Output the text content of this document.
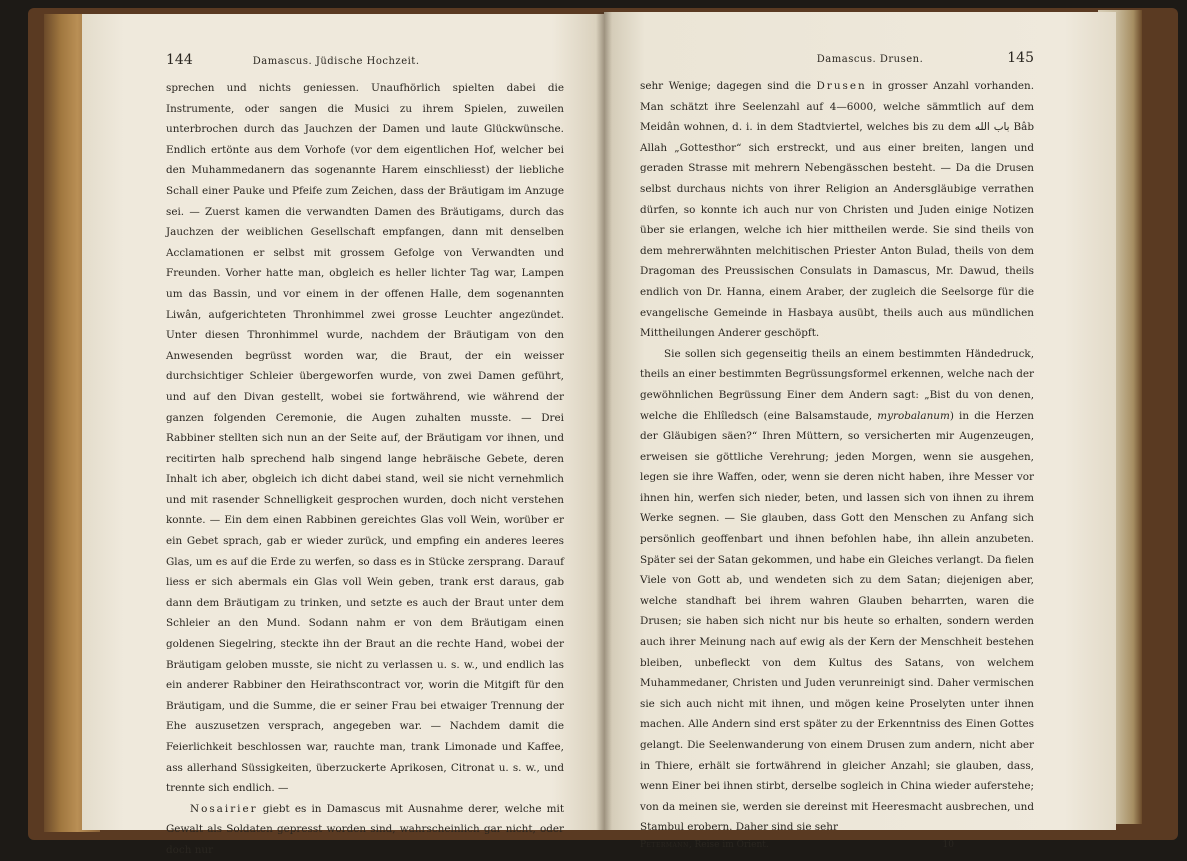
144	Damascus. Jüdische Hochzeit.

sprechen und nichts geniessen. Unaufhörlich spielten dabei die Instrumente, oder sangen die Musici zu ihrem Spielen, zuweilen unterbrochen durch das Jauchzen der Damen und laute Glückwünsche. Endlich ertönte aus dem Vorhofe (vor dem eigentlichen Hof, welcher bei den Muhammedanern das sogenannte Harem einschliesst) der liebliche Schall einer Pauke und Pfeife zum Zeichen, dass der Bräutigam im Anzuge sei. — Zuerst kamen die verwandten Damen des Bräutigams, durch das Jauchzen der weiblichen Gesellschaft empfangen, dann mit denselben Acclamationen er selbst mit grossem Gefolge von Verwandten und Freunden. Vorher hatte man, obgleich es heller lichter Tag war, Lampen um das Bassin, und vor einem in der offenen Halle, dem sogenannten Liwân, aufgerichteten Thronhimmel zwei grosse Leuchter angezündet. Unter diesen Thronhimmel wurde, nachdem der Bräutigam von den Anwesenden begrüsst worden war, die Braut, der ein weisser durchsichtiger Schleier übergeworfen wurde, von zwei Damen geführt, und auf den Divan gestellt, wobei sie fortwährend, wie während der ganzen folgenden Ceremonie, die Augen zuhalten musste. — Drei Rabbiner stellten sich nun an der Seite auf, der Bräutigam vor ihnen, und recitirten halb sprechend halb singend lange hebräische Gebete, deren Inhalt ich aber, obgleich ich dicht dabei stand, weil sie nicht vernehmlich und mit rasender Schnelligkeit gesprochen wurden, doch nicht verstehen konnte. — Ein dem einen Rabbinen gereichtes Glas voll Wein, worüber er ein Gebet sprach, gab er wieder zurück, und empfing ein anderes leeres Glas, um es auf die Erde zu werfen, so dass es in Stücke zersprang. Darauf liess er sich abermals ein Glas voll Wein geben, trank erst daraus, gab dann dem Bräutigam zu trinken, und setzte es auch der Braut unter dem Schleier an den Mund. Sodann nahm er von dem Bräutigam einen goldenen Siegelring, steckte ihn der Braut an die rechte Hand, wobei der Bräutigam geloben musste, sie nicht zu verlassen u. s. w., und endlich las ein anderer Rabbiner den Heirathscontract vor, worin die Mitgift für den Bräutigam, und die Summe, die er seiner Frau bei etwaiger Trennung der Ehe auszusetzen versprach, angegeben war. — Nachdem damit die Feierlichkeit beschlossen war, rauchte man, trank Limonade und Kaffee, ass allerhand Süssigkeiten, überzuckerte Aprikosen, Citronat u. s. w., und trennte sich endlich. —

Nosairier giebt es in Damascus mit Ausnahme derer, welche mit Gewalt als Soldaten gepresst worden sind, wahrscheinlich gar nicht, oder doch nur

Damascus. Drusen.	145

sehr Wenige; dagegen sind die Drusen in grosser Anzahl vorhanden. Man schätzt ihre Seelenzahl auf 4—6000, welche sämmtlich auf dem Meidân wohnen, d. i. in dem Stadtviertel, welches bis zu dem باب الله Bâb Allah „Gottesthor“ sich erstreckt, und aus einer breiten, langen und geraden Strasse mit mehrern Nebengässchen besteht. — Da die Drusen selbst durchaus nichts von ihrer Religion an Andersgläubige verrathen dürfen, so konnte ich auch nur von Christen und Juden einige Notizen über sie erlangen, welche ich hier mittheilen werde. Sie sind theils von dem mehrerwähnten melchitischen Priester Anton Bulad, theils von dem Dragoman des Preussischen Consulats in Damascus, Mr. Dawud, theils endlich von Dr. Hanna, einem Araber, der zugleich die Seelsorge für die evangelische Gemeinde in Hasbaya ausübt, theils auch aus mündlichen Mittheilungen Anderer geschöpft.

Sie sollen sich gegenseitig theils an einem bestimmten Händedruck, theils an einer bestimmten Begrüssungsformel erkennen, welche nach der gewöhnlichen Begrüssung Einer dem Andern sagt: „Bist du von denen, welche die Ehlîledsch (eine Balsamstaude, myrobalanum) in die Herzen der Gläubigen säen?“ Ihren Müttern, so versicherten mir Augenzeugen, erweisen sie göttliche Verehrung; jeden Morgen, wenn sie ausgehen, legen sie ihre Waffen, oder, wenn sie deren nicht haben, ihre Messer vor ihnen hin, werfen sich nieder, beten, und lassen sich von ihnen zu ihrem Werke segnen. — Sie glauben, dass Gott den Menschen zu Anfang sich persönlich geoffenbart und ihnen befohlen habe, ihn allein anzubeten. Später sei der Satan gekommen, und habe ein Gleiches verlangt. Da fielen Viele von Gott ab, und wendeten sich zu dem Satan; diejenigen aber, welche standhaft bei ihrem wahren Glauben beharrten, waren die Drusen; sie haben sich nicht nur bis heute so erhalten, sondern werden auch ihrer Meinung nach auf ewig als der Kern der Menschheit bestehen bleiben, unbefleckt von dem Kultus des Satans, von welchem Muhammedaner, Christen und Juden verunreinigt sind. Daher vermischen sie sich auch nicht mit ihnen, und mögen keine Proselyten unter ihnen machen. Alle Andern sind erst später zu der Erkenntniss des Einen Gottes gelangt. Die Seelenwanderung von einem Drusen zum andern, nicht aber in Thiere, erhält sie fortwährend in gleicher Anzahl; sie glauben, dass, wenn Einer bei ihnen stirbt, derselbe sogleich in China wieder auferstehe; von da meinen sie, werden sie dereinst mit Heeresmacht ausbrechen, und Stambul erobern. Daher sind sie sehr

Petermann, Reise im Orient.	10
